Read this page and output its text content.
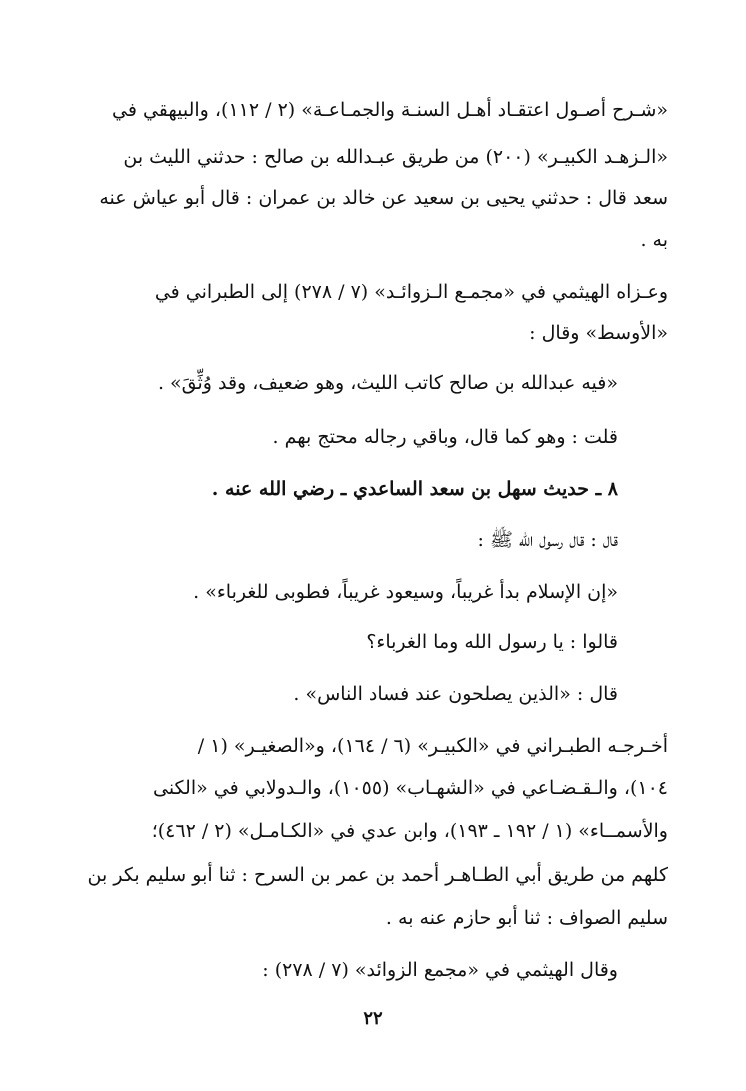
«شـرح أصـول اعتقـاد أهـل السنـة والجمـاعـة» (٢ / ١١٢)، والبيهقي في
«الـزهـد الكبيـر» (٢٠٠) من طريق عبـدالله بن صالح : حدثني الليث بن
سعد قال : حدثني يحيى بن سعيد عن خالد بن عمران : قال أبو عياش عنه
به .
وعـزاه الهيثمي في «مجمـع الـزوائـد» (٧ / ٢٧٨) إلى الطبراني في
«الأوسط» وقال :
«فيه عبدالله بن صالح كاتب الليث، وهو ضعيف، وقد وُثِّقَ» .
قلت : وهو كما قال، وباقي رجاله محتج بهم .
٨ ـ حديث سهل بن سعد الساعدي ـ رضي الله عنه .
قال : قال رسول الله ﷺ :
«إن الإسلام بدأ غريباً، وسيعود غريباً، فطوبى للغرباء» .
قالوا : يا رسول الله وما الغرباء؟
قال : «الذين يصلحون عند فساد الناس» .
أخـرجـه الطبـراني في «الكبيـر» (٦ / ١٦٤)، و«الصغيـر» (١ /
١٠٤)، والـقـضـاعي في «الشهـاب» (١٠٥٥)، والـدولابي في «الكنى
والأسمــاء» (١ / ١٩٢ ـ ١٩٣)، وابن عدي في «الكـامـل» (٢ / ٤٦٢)؛
كلهم من طريق أبي الطـاهـر أحمد بن عمر بن السرح : ثنا أبو سليم بكر بن
سليم الصواف : ثنا أبو حازم عنه به .
وقال الهيثمي في «مجمع الزوائد» (٧ / ٢٧٨) :
٢٢
